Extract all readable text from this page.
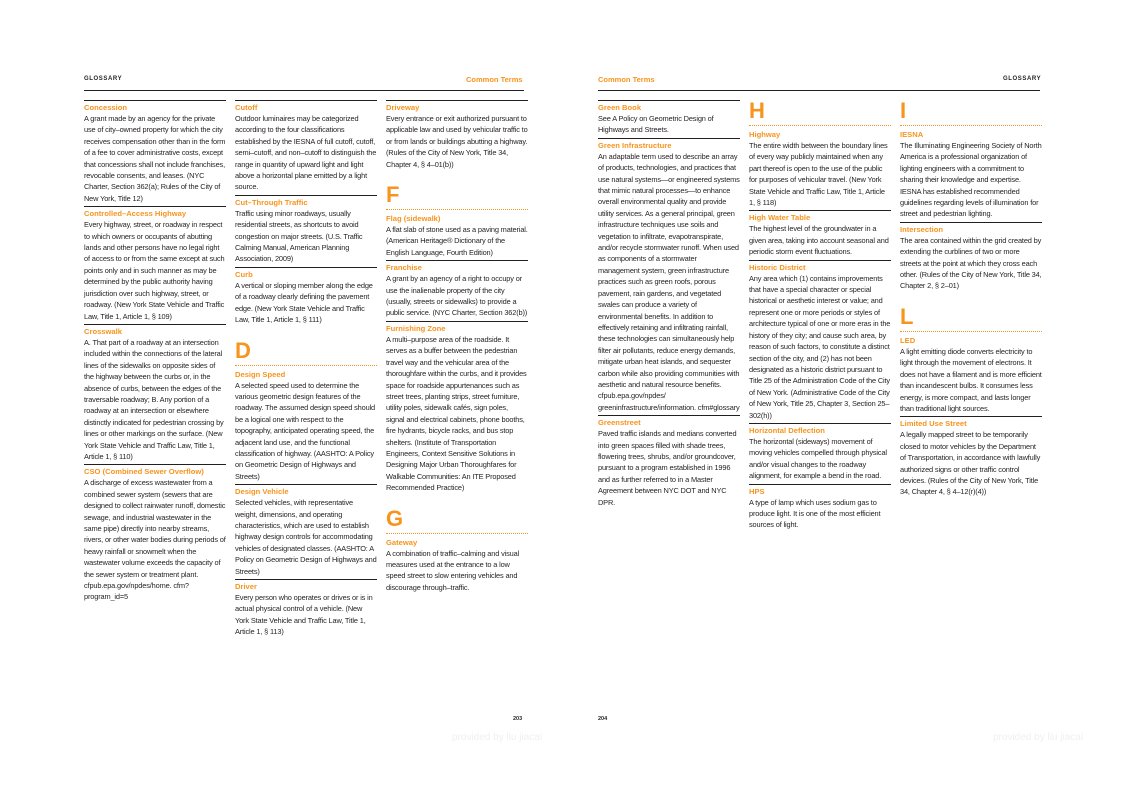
GLOSSARY	Common Terms
Concession
A grant made by an agency for the private use of city–owned property for which the city receives compensation other than in the form of a fee to cover administrative costs, except that concessions shall not include franchises, revocable consents, and leases. (NYC Charter, Section 362(a); Rules of the City of New York, Title 12)
Controlled–Access Highway
Every highway, street, or roadway in respect to which owners or occupants of abutting lands and other persons have no legal right of access to or from the same except at such points only and in such manner as may be determined by the public authority having jurisdiction over such highway, street, or roadway. (New York State Vehicle and Traffic Law, Title 1, Article 1, § 109)
Crosswalk
A. That part of a roadway at an intersection included within the connections of the lateral lines of the sidewalks on opposite sides of the highway between the curbs or, in the absence of curbs, between the edges of the traversable roadway; B. Any portion of a roadway at an intersection or elsewhere distinctly indicated for pedestrian crossing by lines or other markings on the surface. (New York State Vehicle and Traffic Law, Title 1, Article 1, § 110)
CSO (Combined Sewer Overflow)
A discharge of excess wastewater from a combined sewer system (sewers that are designed to collect rainwater runoff, domestic sewage, and industrial wastewater in the same pipe) directly into nearby streams, rivers, or other water bodies during periods of heavy rainfall or snowmelt when the wastewater volume exceeds the capacity of the sewer system or treatment plant. cfpub.epa.gov/npdes/home. cfm?program_id=5
Cutoff
Outdoor luminaires may be categorized according to the four classifications established by the IESNA of full cutoff, cutoff, semi–cutoff, and non–cutoff to distinguish the range in quantity of upward light and light above a horizontal plane emitted by a light source.
Cut–Through Traffic
Traffic using minor roadways, usually residential streets, as shortcuts to avoid congestion on major streets. (U.S. Traffic Calming Manual, American Planning Association, 2009)
Curb
A vertical or sloping member along the edge of a roadway clearly defining the pavement edge. (New York State Vehicle and Traffic Law, Title 1, Article 1, § 111)
D
Design Speed
A selected speed used to determine the various geometric design features of the roadway. The assumed design speed should be a logical one with respect to the topography, anticipated operating speed, the adjacent land use, and the functional classification of highway. (AASHTO: A Policy on Geometric Design of Highways and Streets)
Design Vehicle
Selected vehicles, with representative weight, dimensions, and operating characteristics, which are used to establish highway design controls for accommodating vehicles of designated classes. (AASHTO: A Policy on Geometric Design of Highways and Streets)
Driver
Every person who operates or drives or is in actual physical control of a vehicle. (New York State Vehicle and Traffic Law, Title 1, Article 1, § 113)
Driveway
Every entrance or exit authorized pursuant to applicable law and used by vehicular traffic to or from lands or buildings abutting a highway. (Rules of the City of New York, Title 34, Chapter 4, § 4–01(b))
F
Flag (sidewalk)
A flat slab of stone used as a paving material. (American Heritage® Dictionary of the English Language, Fourth Edition)
Franchise
A grant by an agency of a right to occupy or use the inalienable property of the city (usually, streets or sidewalks) to provide a public service. (NYC Charter, Section 362(b))
Furnishing Zone
A multi–purpose area of the roadside. It serves as a buffer between the pedestrian travel way and the vehicular area of the thoroughfare within the curbs, and it provides space for roadside appurtenances such as street trees, planting strips, street furniture, utility poles, sidewalk cafés, sign poles, signal and electrical cabinets, phone booths, fire hydrants, bicycle racks, and bus stop shelters. (Institute of Transportation Engineers, Context Sensitive Solutions in Designing Major Urban Thoroughfares for Walkable Communities: An ITE Proposed Recommended Practice)
G
Gateway
A combination of traffic–calming and visual measures used at the entrance to a low speed street to slow entering vehicles and discourage through–traffic.
203
provided by liu jiacai
Common Terms	GLOSSARY
Green Book
See A Policy on Geometric Design of Highways and Streets.
Green Infrastructure
An adaptable term used to describe an array of products, technologies, and practices that use natural systems—or engineered systems that mimic natural processes—to enhance overall environmental quality and provide utility services. As a general principal, green infrastructure techniques use soils and vegetation to infiltrate, evapotranspirate, and/or recycle stormwater runoff. When used as components of a stormwater management system, green infrastructure practices such as green roofs, porous pavement, rain gardens, and vegetated swales can produce a variety of environmental benefits. In addition to effectively retaining and infiltrating rainfall, these technologies can simultaneously help filter air pollutants, reduce energy demands, mitigate urban heat islands, and sequester carbon while also providing communities with aesthetic and natural resource benefits. cfpub.epa.gov/npdes/ greeninfrastructure/information. cfm#glossary
Greenstreet
Paved traffic islands and medians converted into green spaces filled with shade trees, flowering trees, shrubs, and/or groundcover, pursuant to a program established in 1996 and as further referred to in a Master Agreement between NYC DOT and NYC DPR.
H
Highway
The entire width between the boundary lines of every way publicly maintained when any part thereof is open to the use of the public for purposes of vehicular travel. (New York State Vehicle and Traffic Law, Title 1, Article 1, § 118)
High Water Table
The highest level of the groundwater in a given area, taking into account seasonal and periodic storm event fluctuations.
Historic District
Any area which (1) contains improvements that have a special character or special historical or aesthetic interest or value; and represent one or more periods or styles of architecture typical of one or more eras in the history of they city; and cause such area, by reason of such factors, to constitute a distinct section of the city, and (2) has not been designated as a historic district pursuant to Title 25 of the Administration Code of the City of New York. (Administrative Code of the City of New York, Title 25, Chapter 3, Section 25–302(h))
Horizontal Deflection
The horizontal (sideways) movement of moving vehicles compelled through physical and/or visual changes to the roadway alignment, for example a bend in the road.
HPS
A type of lamp which uses sodium gas to produce light. It is one of the most efficient sources of light.
I
IESNA
The Illuminating Engineering Society of North America is a professional organization of lighting engineers with a commitment to sharing their knowledge and expertise. IESNA has established recommended guidelines regarding levels of illumination for street and pedestrian lighting.
Intersection
The area contained within the grid created by extending the curblines of two or more streets at the point at which they cross each other. (Rules of the City of New York, Title 34, Chapter 2, § 2–01)
L
LED
A light emitting diode converts electricity to light through the movement of electrons. It does not have a filament and is more efficient than incandescent bulbs. It consumes less energy, is more compact, and lasts longer than traditional light sources.
Limited Use Street
A legally mapped street to be temporarily closed to motor vehicles by the Department of Transportation, in accordance with lawfully authorized signs or other traffic control devices. (Rules of the City of New York, Title 34, Chapter 4, § 4–12(r)(4))
204
provided by liu jiacai
